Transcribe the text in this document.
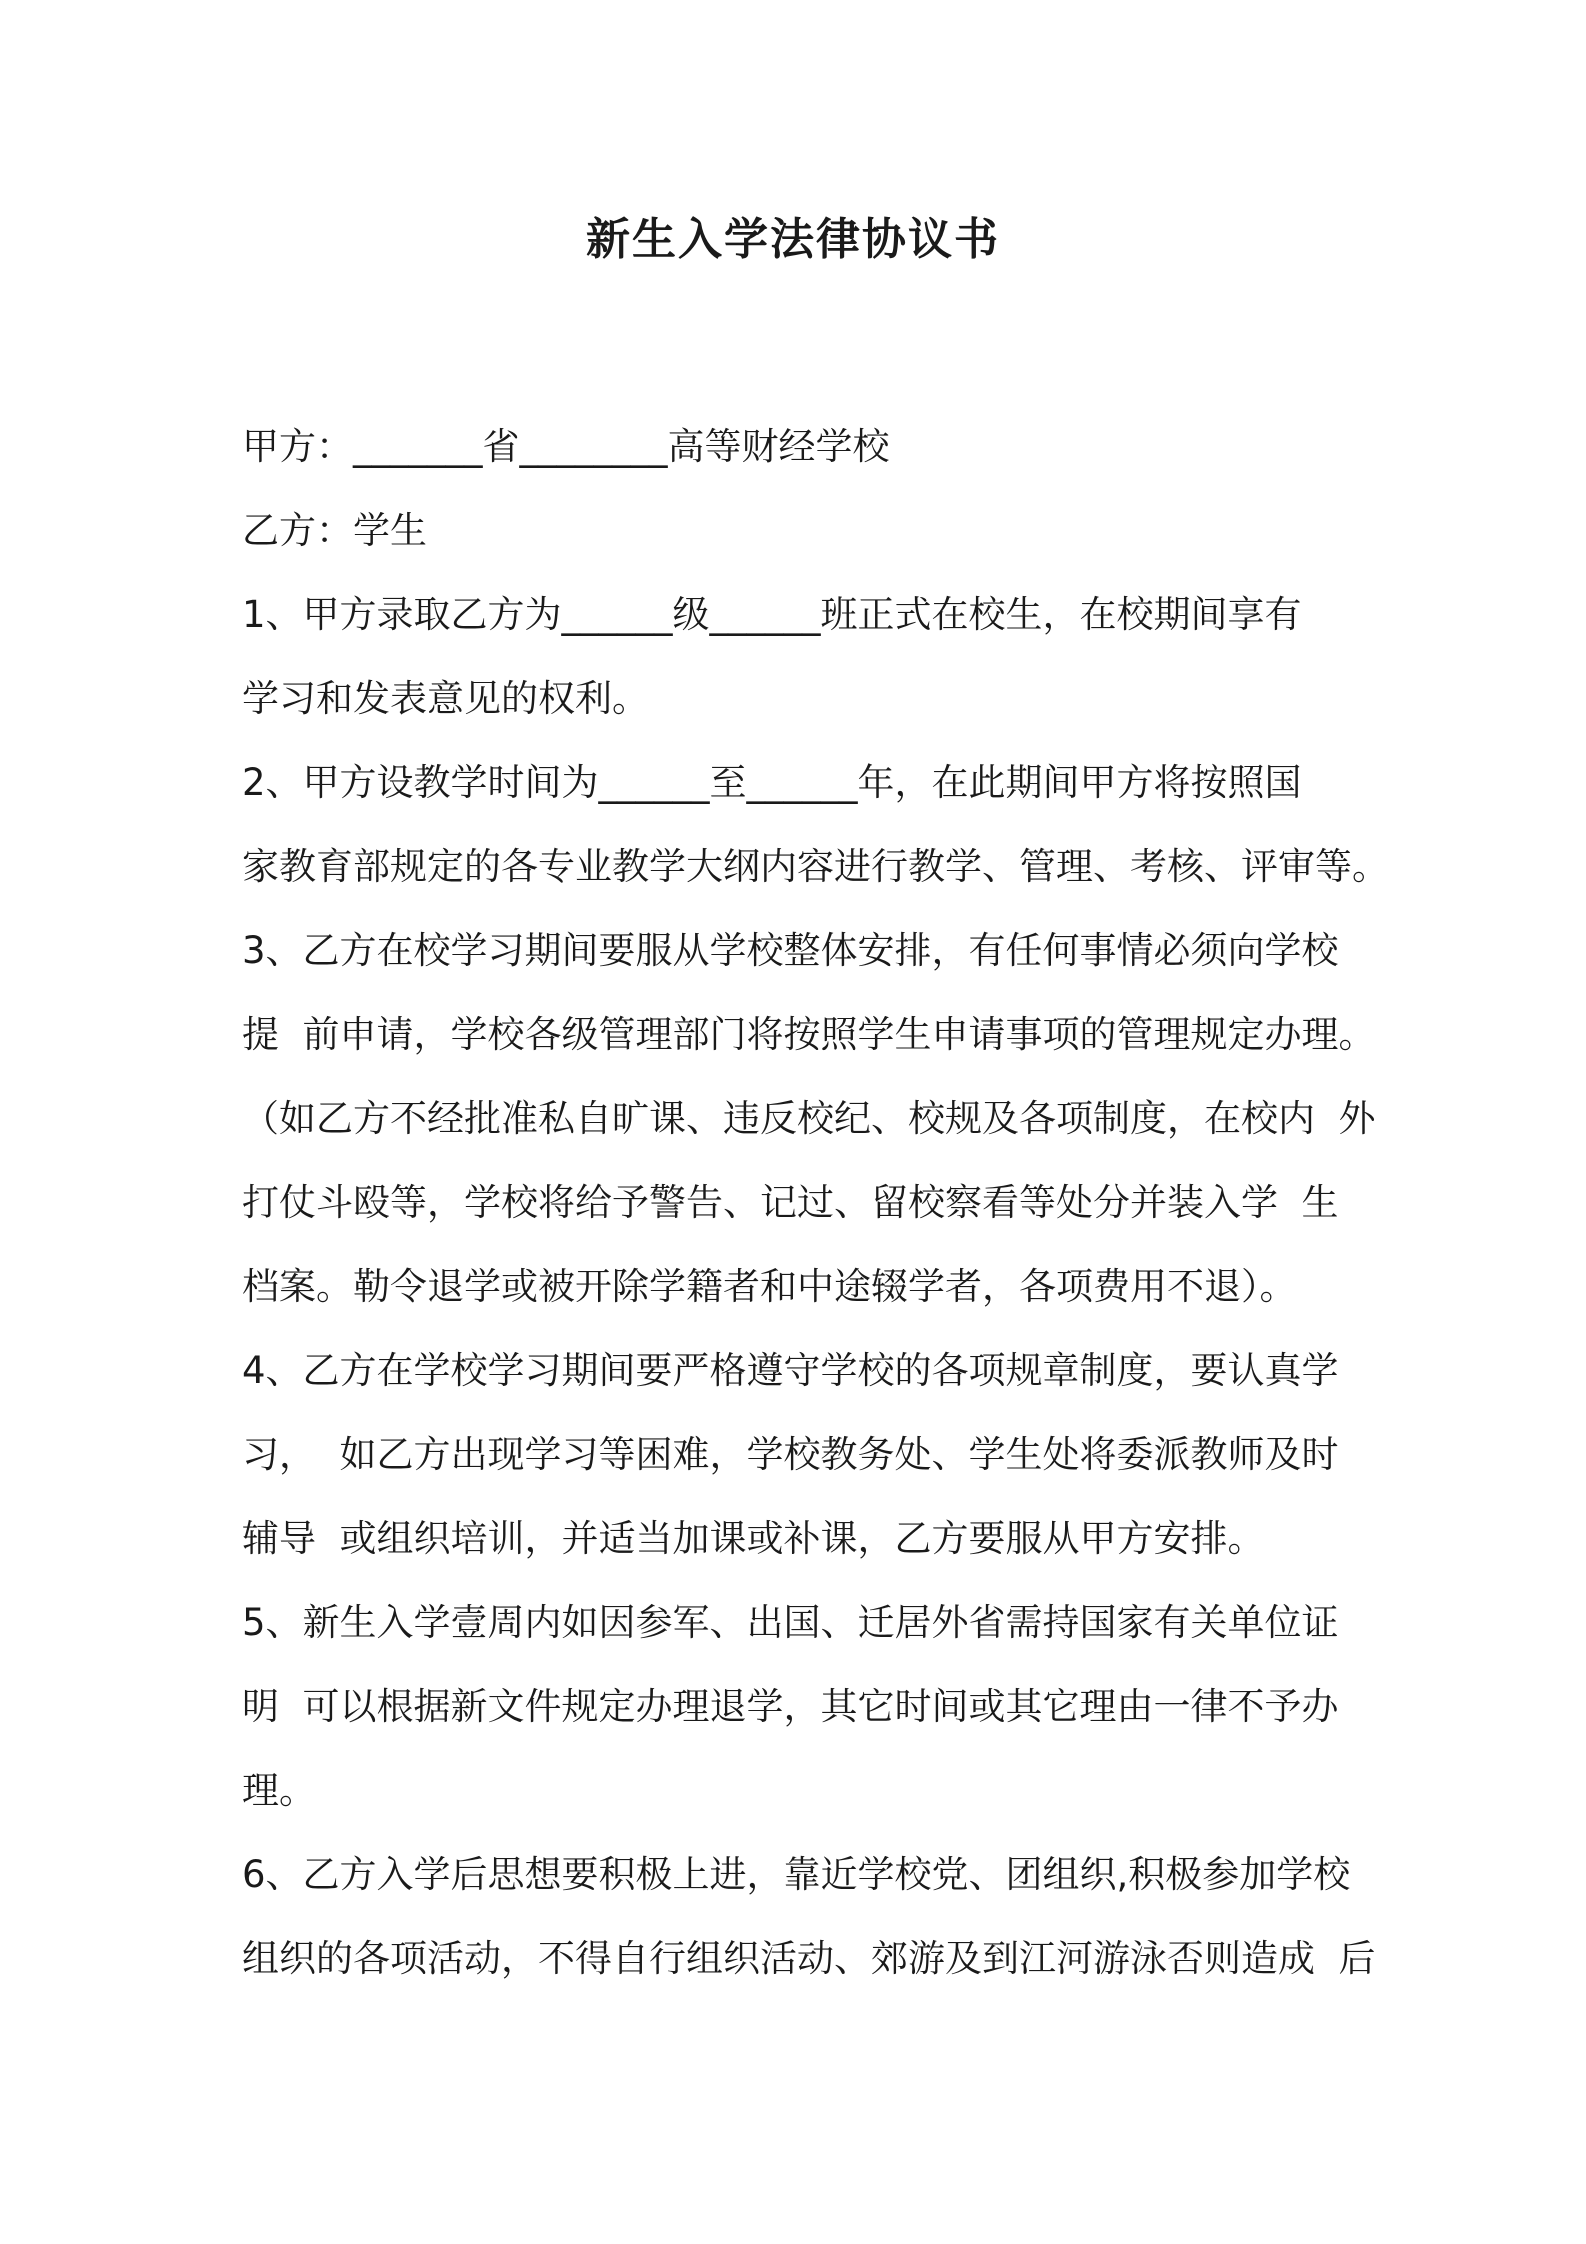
新生入学法律协议书
甲方：_______省________高等财经学校
乙方：学生
1、甲方录取乙方为______级______班正式在校生，在校期间享有
学习和发表意见的权利。
2、甲方设教学时间为______至______年，在此期间甲方将按照国
家教育部规定的各专业教学大纲内容进行教学、管理、考核、评审等。
3、乙方在校学习期间要服从学校整体安排，有任何事情必须向学校
提  前申请，学校各级管理部门将按照学生申请事项的管理规定办理。
（如乙方不经批准私自旷课、违反校纪、校规及各项制度，在校内  外
打仗斗殴等，学校将给予警告、记过、留校察看等处分并装入学  生
档案。勒令退学或被开除学籍者和中途辍学者，各项费用不退）。
4、乙方在学校学习期间要严格遵守学校的各项规章制度，要认真学
习，  如乙方出现学习等困难，学校教务处、学生处将委派教师及时
辅导  或组织培训，并适当加课或补课，乙方要服从甲方安排。
5、新生入学壹周内如因参军、出国、迁居外省需持国家有关单位证
明  可以根据新文件规定办理退学，其它时间或其它理由一律不予办
理。
6、乙方入学后思想要积极上进，靠近学校党、团组织,积极参加学校
组织的各项活动，不得自行组织活动、郊游及到江河游泳否则造成  后
